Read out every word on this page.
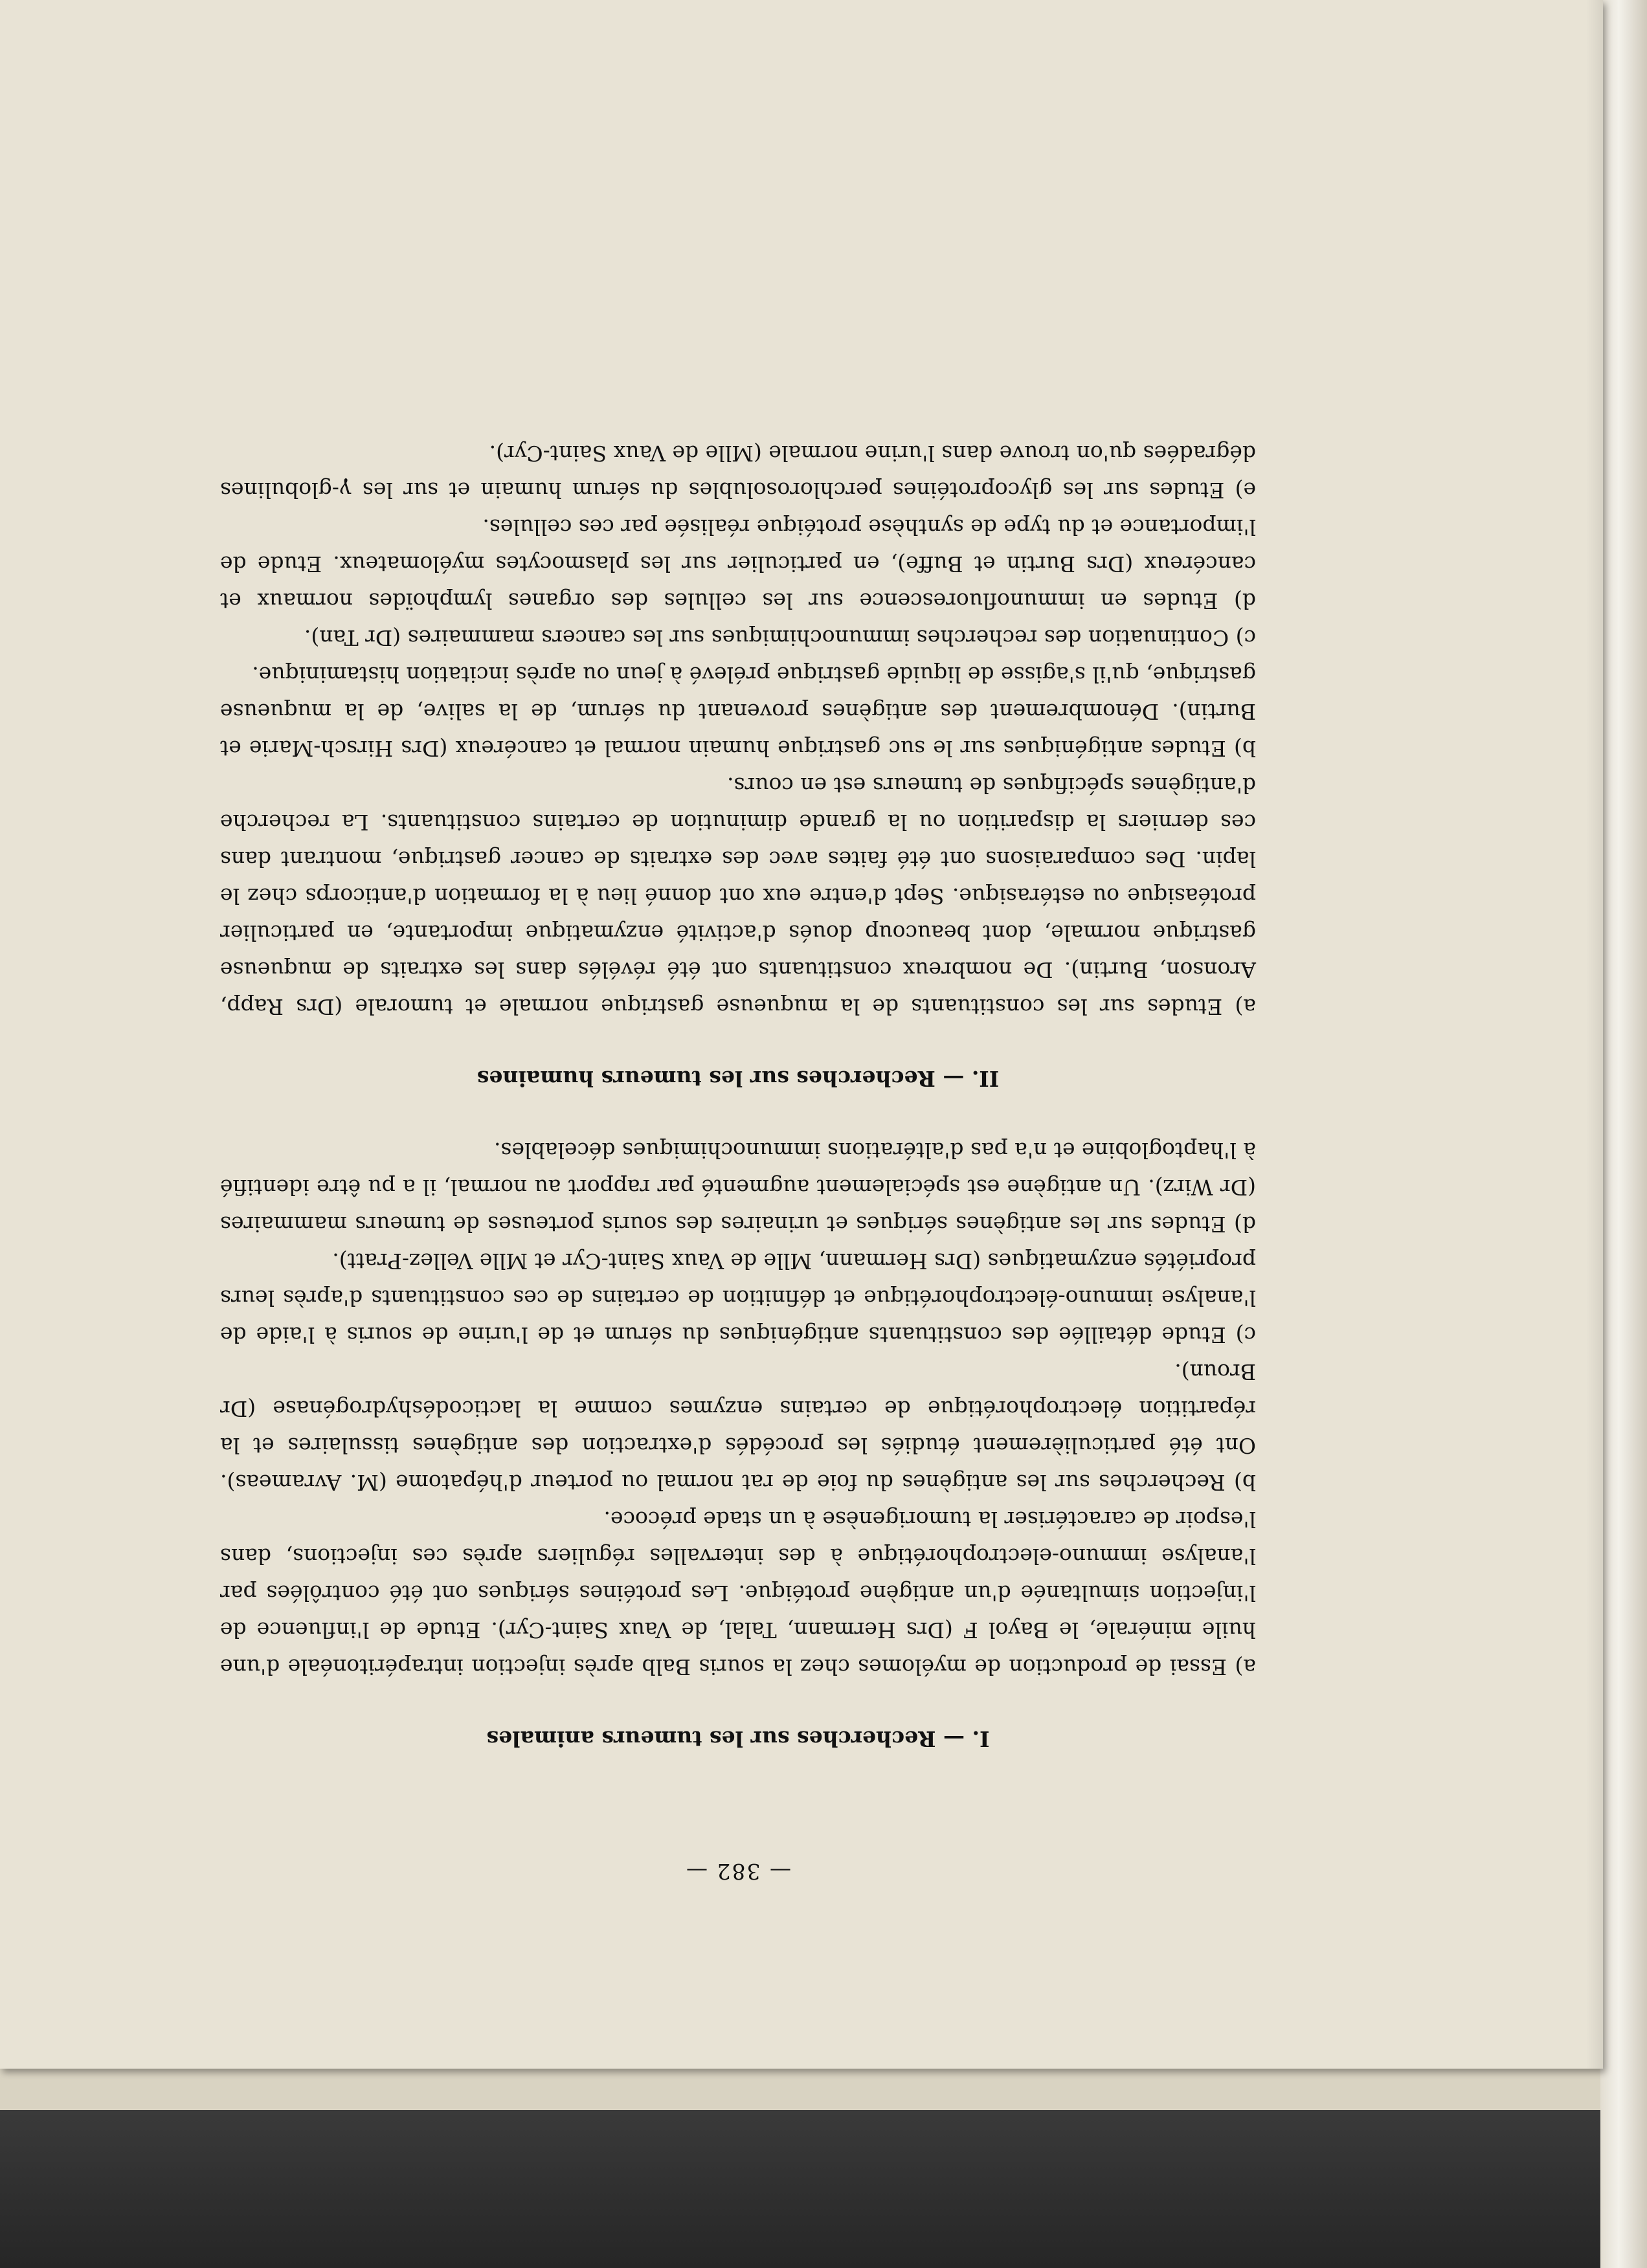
— 382 —

I. — Recherches sur les tumeurs animales

a) Essai de production de myélomes chez la souris Balb après injection intrapéritonéale d'une huile minérale, le Bayol F (Drs Hermann, Talal, de Vaux Saint-Cyr). Etude de l'influence de l'injection simultanée d'un antigène protéique. Les protéines sériques ont été contrôlées par l'analyse immuno-electrophorétique à des intervalles réguliers après ces injections, dans l'espoir de caractériser la tumorigenèse à un stade précoce.

b) Recherches sur les antigènes du foie de rat normal ou porteur d'hépatome (M. Avrameas). Ont été particulièrement étudiés les procédés d'extraction des antigènes tissulaires et la répartition électrophorétique de certains enzymes comme la lacticodéshydrogénase (Dr Broun).

c) Etude détaillée des constituants antigéniques du sérum et de l'urine de souris à l'aide de l'analyse immuno-électrophorétique et définition de certains de ces constituants d'après leurs propriétés enzymatiques (Drs Hermann, Mlle de Vaux Saint-Cyr et Mlle Vellez-Pratt).

d) Etudes sur les antigènes sériques et urinaires des souris porteuses de tumeurs mammaires (Dr Wirz). Un antigène est spécialement augmenté par rapport au normal, il a pu être identifié à l'haptoglobine et n'a pas d'altérations immunochimiques décelables.

II. — Recherches sur les tumeurs humaines

a) Etudes sur les constituants de la muqueuse gastrique normale et tumorale (Drs Rapp, Aronson, Burtin). De nombreux constituants ont été révélés dans les extraits de muqueuse gastrique normale, dont beaucoup doués d'activité enzymatique importante, en particulier protéasique ou estérasique. Sept d'entre eux ont donné lieu à la formation d'anticorps chez le lapin. Des comparaisons ont été faites avec des extraits de cancer gastrique, montrant dans ces derniers la disparition ou la grande diminution de certains constituants. La recherche d'antigènes spécifiques de tumeurs est en cours.

b) Etudes antigéniques sur le suc gastrique humain normal et cancéreux (Drs Hirsch-Marie et Burtin). Dénombrement des antigènes provenant du sérum, de la salive, de la muqueuse gastrique, qu'il s'agisse de liquide gastrique prélevé à jeun ou après incitation histaminique.

c) Continuation des recherches immunochimiques sur les cancers mammaires (Dr Tan).

d) Etudes en immunofluorescence sur les cellules des organes lymphoïdes normaux et cancéreux (Drs Burtin et Buffe), en particulier sur les plasmocytes myélomateux. Etude de l'importance et du type de synthèse protéique réalisée par ces cellules.

e) Etudes sur les glycoprotéines perchlorosolubles du sérum humain et sur les γ-globulines dégradées qu'on trouve dans l'urine normale (Mlle de Vaux Saint-Cyr).
